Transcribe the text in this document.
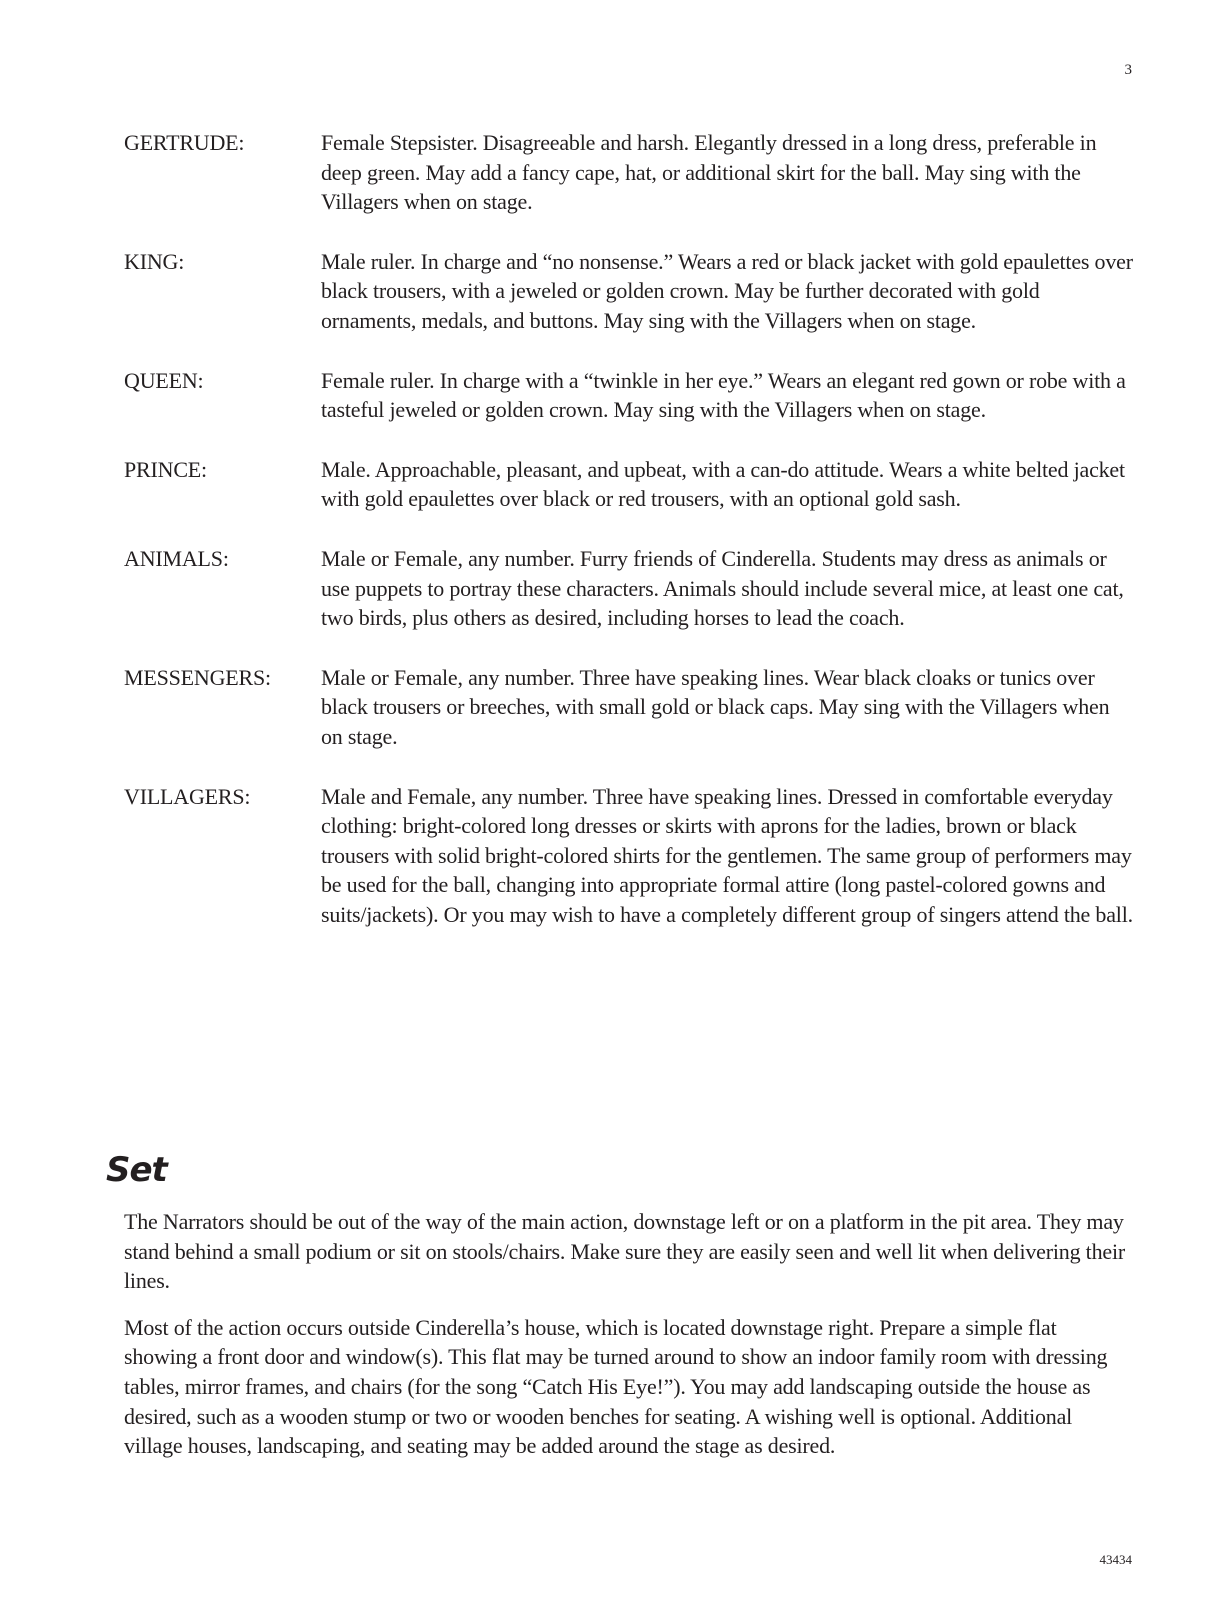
3
GERTRUDE:	Female Stepsister. Disagreeable and harsh. Elegantly dressed in a long dress, preferable in deep green. May add a fancy cape, hat, or additional skirt for the ball. May sing with the Villagers when on stage.
KING:	Male ruler. In charge and “no nonsense.” Wears a red or black jacket with gold epaulettes over black trousers, with a jeweled or golden crown. May be further decorated with gold ornaments, medals, and buttons. May sing with the Villagers when on stage.
QUEEN:	Female ruler. In charge with a “twinkle in her eye.” Wears an elegant red gown or robe with a tasteful jeweled or golden crown. May sing with the Villagers when on stage.
PRINCE:	Male. Approachable, pleasant, and upbeat, with a can-do attitude. Wears a white belted jacket with gold epaulettes over black or red trousers, with an optional gold sash.
ANIMALS:	Male or Female, any number. Furry friends of Cinderella. Students may dress as animals or use puppets to portray these characters. Animals should include several mice, at least one cat, two birds, plus others as desired, including horses to lead the coach.
MESSENGERS:	Male or Female, any number. Three have speaking lines. Wear black cloaks or tunics over black trousers or breeches, with small gold or black caps. May sing with the Villagers when on stage.
VILLAGERS:	Male and Female, any number. Three have speaking lines. Dressed in comfortable everyday clothing: bright-colored long dresses or skirts with aprons for the ladies, brown or black trousers with solid bright-colored shirts for the gentlemen. The same group of performers may be used for the ball, changing into appropriate formal attire (long pastel-colored gowns and suits/jackets). Or you may wish to have a completely different group of singers attend the ball.
Set

The Narrators should be out of the way of the main action, downstage left or on a platform in the pit area. They may stand behind a small podium or sit on stools/chairs. Make sure they are easily seen and well lit when delivering their lines.

Most of the action occurs outside Cinderella’s house, which is located downstage right. Prepare a simple flat showing a front door and window(s). This flat may be turned around to show an indoor family room with dressing tables, mirror frames, and chairs (for the song “Catch His Eye!”). You may add landscaping outside the house as desired, such as a wooden stump or two or wooden benches for seating. A wishing well is optional. Additional village houses, landscaping, and seating may be added around the stage as desired.

43434
